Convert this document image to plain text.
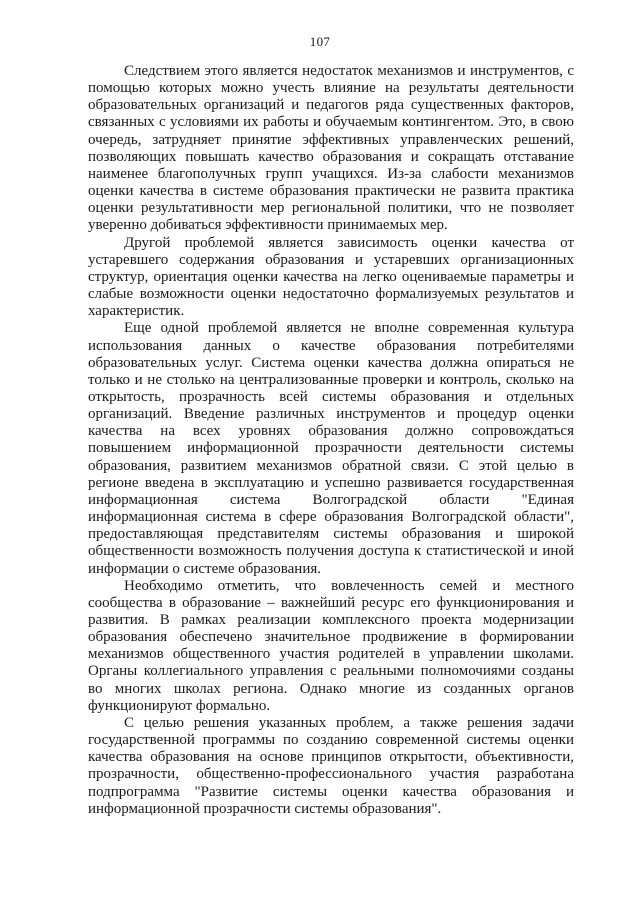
107

Следствием этого является недостаток механизмов и инструментов, с помощью которых можно учесть влияние на результаты деятельности образовательных организаций и педагогов ряда существенных факторов, связанных с условиями их работы и обучаемым контингентом. Это, в свою очередь, затрудняет принятие эффективных управленческих решений, позволяющих повышать качество образования и сокращать отставание наименее благополучных групп учащихся. Из-за слабости механизмов оценки качества в системе образования практически не развита практика оценки результативности мер региональной политики, что не позволяет уверенно добиваться эффективности принимаемых мер.

Другой проблемой является зависимость оценки качества от устаревшего содержания образования и устаревших организационных структур, ориентация оценки качества на легко оцениваемые параметры и слабые возможности оценки недостаточно формализуемых результатов и характеристик.

Еще одной проблемой является не вполне современная культура использования данных о качестве образования потребителями образовательных услуг. Система оценки качества должна опираться не только и не столько на централизованные проверки и контроль, сколько на открытость, прозрачность всей системы образования и отдельных организаций. Введение различных инструментов и процедур оценки качества на всех уровнях образования должно сопровождаться повышением информационной прозрачности деятельности системы образования, развитием механизмов обратной связи. С этой целью в регионе введена в эксплуатацию и успешно развивается государственная информационная система Волгоградской области "Единая информационная система в сфере образования Волгоградской области", предоставляющая представителям системы образования и широкой общественности возможность получения доступа к статистической и иной информации о системе образования.

Необходимо отметить, что вовлеченность семей и местного сообщества в образование – важнейший ресурс его функционирования и развития. В рамках реализации комплексного проекта модернизации образования обеспечено значительное продвижение в формировании механизмов общественного участия родителей в управлении школами. Органы коллегиального управления с реальными полномочиями созданы во многих школах региона. Однако многие из созданных органов функционируют формально.

С целью решения указанных проблем, а также решения задачи государственной программы по созданию современной системы оценки качества образования на основе принципов открытости, объективности, прозрачности, общественно-профессионального участия разработана подпрограмма "Развитие системы оценки качества образования и информационной прозрачности системы образования".
